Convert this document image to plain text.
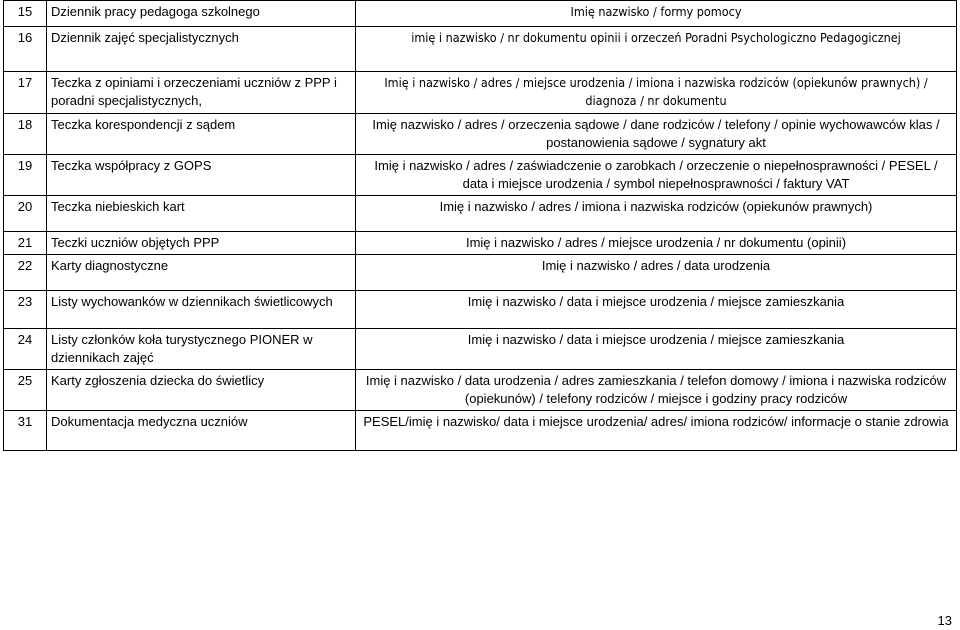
15	Dziennik pracy pedagoga szkolnego	Imię nazwisko / formy pomocy
16	Dziennik zajęć specjalistycznych	imię i nazwisko / nr dokumentu opinii i orzeczeń Poradni Psychologiczno Pedagogicznej
17	Teczka z opiniami i orzeczeniami uczniów z PPP i poradni specjalistycznych,	Imię i nazwisko / adres / miejsce urodzenia / imiona i nazwiska rodziców (opiekunów prawnych) / diagnoza / nr dokumentu
18	Teczka korespondencji z sądem	Imię nazwisko / adres / orzeczenia sądowe / dane rodziców / telefony / opinie wychowawców klas / postanowienia sądowe / sygnatury akt
19	Teczka współpracy z GOPS	Imię i nazwisko / adres / zaświadczenie o zarobkach / orzeczenie o niepełnosprawności / PESEL / data i miejsce urodzenia / symbol niepełnosprawności / faktury VAT
20	Teczka niebieskich kart	Imię i nazwisko / adres / imiona i nazwiska rodziców (opiekunów prawnych)
21	Teczki uczniów objętych PPP	Imię i nazwisko / adres / miejsce urodzenia / nr dokumentu (opinii)
22	Karty diagnostyczne	Imię i nazwisko / adres / data urodzenia
23	Listy wychowanków w dziennikach świetlicowych	Imię i nazwisko / data i miejsce urodzenia / miejsce zamieszkania
24	Listy członków koła turystycznego PIONER w dziennikach zajęć	Imię i nazwisko / data i miejsce urodzenia / miejsce zamieszkania
25	Karty zgłoszenia dziecka do świetlicy	Imię i nazwisko / data urodzenia / adres zamieszkania / telefon domowy / imiona i nazwiska rodziców (opiekunów) / telefony rodziców / miejsce i godziny pracy rodziców
31	Dokumentacja medyczna uczniów	PESEL/imię i nazwisko/ data i miejsce urodzenia/ adres/ imiona rodziców/ informacje o stanie zdrowia
13
